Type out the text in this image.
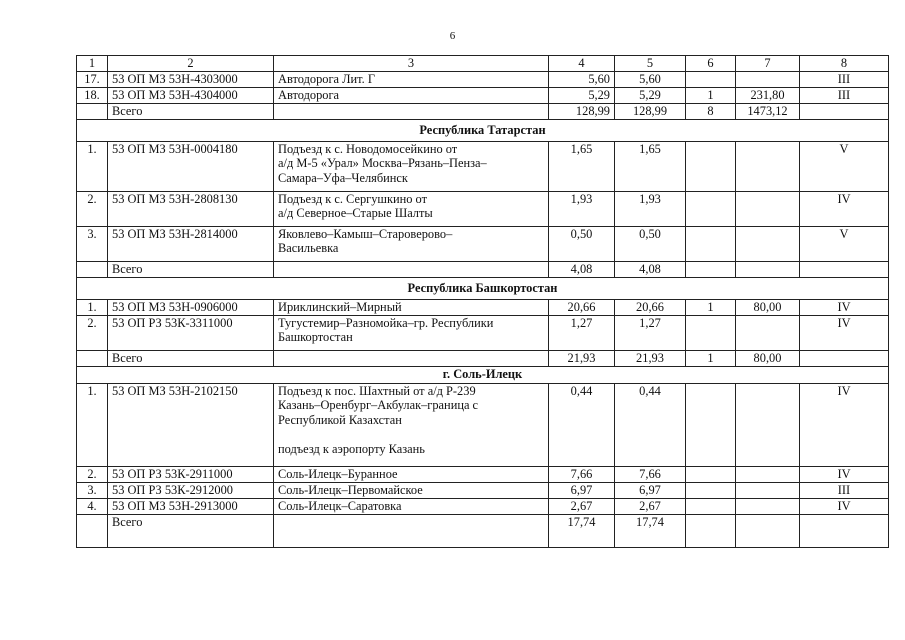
6
1	2	3	4	5	6	7	8
17.	53 ОП МЗ 53Н-4303000	Автодорога Лит. Г	5,60	5,60			III
18.	53 ОП МЗ 53Н-4304000	Автодорога	5,29	5,29	1	231,80	III
	Всего		128,99	128,99	8	1473,12	
Республика Татарстан							
1.	53 ОП МЗ 53Н-0004180	Подъезд к с. Новодомосейкино от
а/д М-5 «Урал» Москва–Рязань–Пенза–
Самара–Уфа–Челябинск	1,65	1,65			V
2.	53 ОП МЗ 53Н-2808130	Подъезд к с. Сергушкино от
а/д Северное–Старые Шалты	1,93	1,93			IV
3.	53 ОП МЗ 53Н-2814000	Яковлево–Камыш–Староверово–
Васильевка	0,50	0,50			V
	Всего		4,08	4,08			
Республика Башкортостан							
1.	53 ОП МЗ 53Н-0906000	Ириклинский–Мирный	20,66	20,66	1	80,00	IV
2.	53 ОП РЗ 53К-3311000	Тугустемир–Разномойка–гр. Республики
Башкортостан	1,27	1,27			IV
	Всего		21,93	21,93	1	80,00	
г. Соль-Илецк							
1.	53 ОП МЗ 53Н-2102150	Подъезд к пос. Шахтный от а/д Р-239
Казань–Оренбург–Акбулак–граница с
Республикой Казахстан

подъезд к аэропорту Казань	0,44	0,44			IV
2.	53 ОП РЗ 53К-2911000	Соль-Илецк–Буранное	7,66	7,66			IV
3.	53 ОП РЗ 53К-2912000	Соль-Илецк–Первомайское	6,97	6,97			III
4.	53 ОП МЗ 53Н-2913000	Соль-Илецк–Саратовка	2,67	2,67			IV
	Всего		17,74	17,74			
